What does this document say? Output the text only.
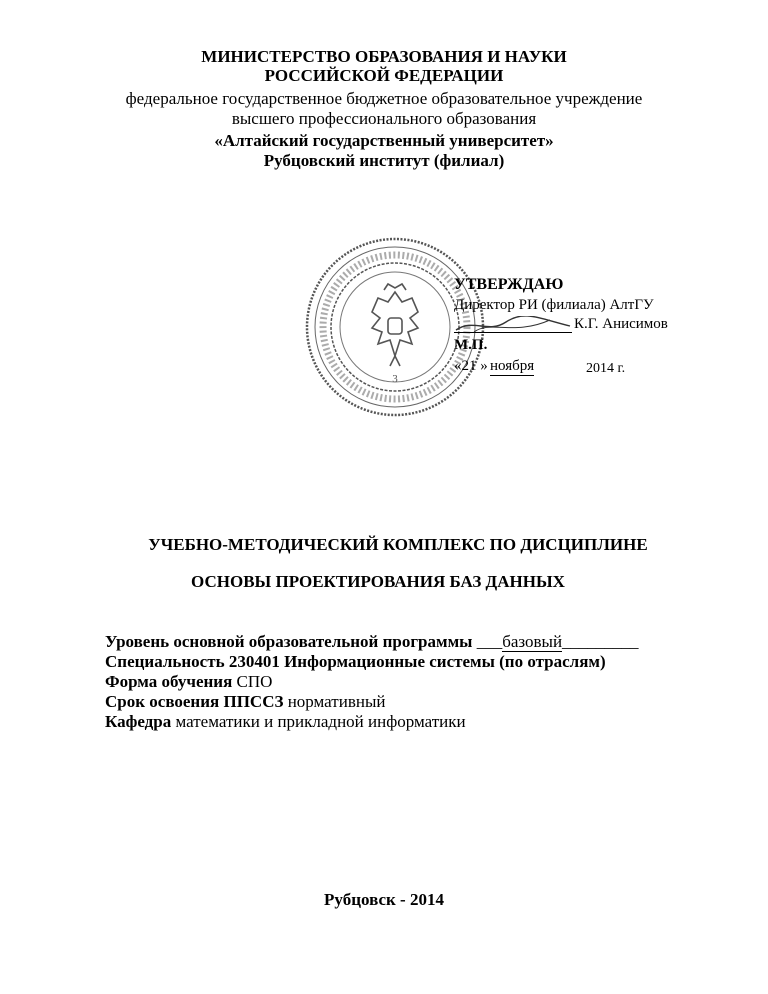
МИНИСТЕРСТВО ОБРАЗОВАНИЯ И НАУКИ
РОССИЙСКОЙ ФЕДЕРАЦИИ
федеральное государственное бюджетное образовательное учреждение
высшего профессионального образования
«Алтайский государственный университет»
Рубцовский институт (филиал)
3
УТВЕРЖДАЮ
Директор РИ (филиала) АлтГУ
К.Г. Анисимов
М.П.
«21 » ноября	2014 г.
УЧЕБНО-МЕТОДИЧЕСКИЙ КОМПЛЕКС ПО ДИСЦИПЛИНЕ
ОСНОВЫ ПРОЕКТИРОВАНИЯ БАЗ ДАННЫХ
Уровень основной образовательной программы ___базовый_________
Специальность 230401 Информационные системы (по отраслям)
Форма обучения СПО
Срок освоения ППССЗ нормативный
Кафедра математики и прикладной информатики
Рубцовск - 2014
